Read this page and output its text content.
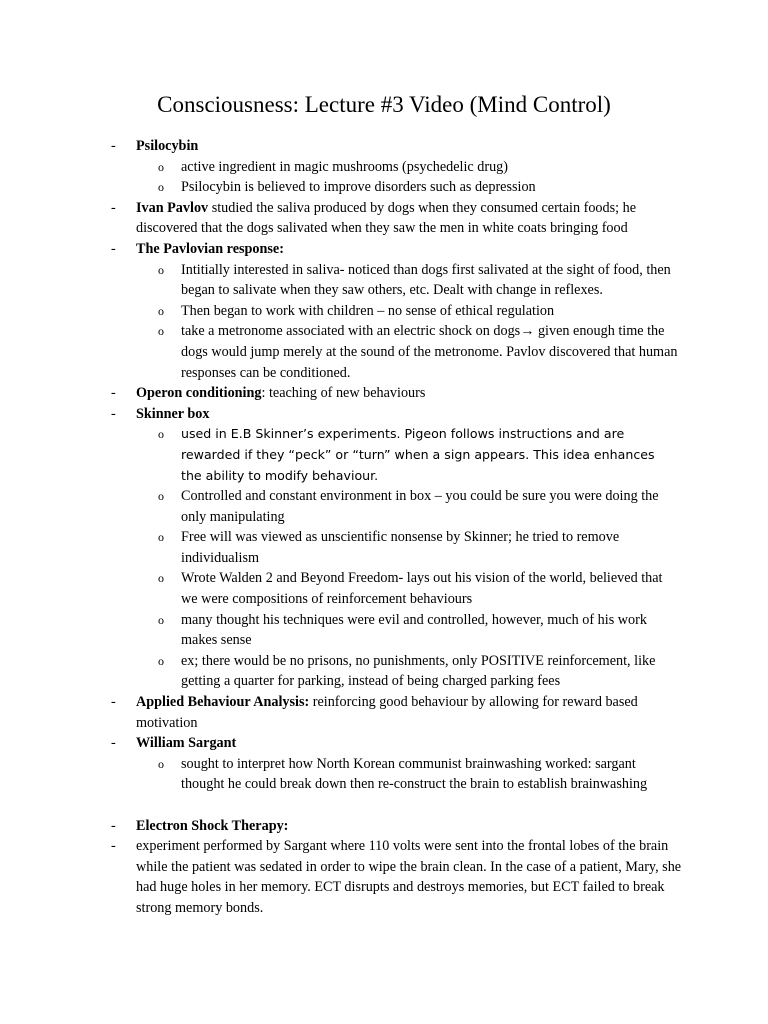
Consciousness: Lecture #3 Video (Mind Control)
- Psilocybin
o active ingredient in magic mushrooms (psychedelic drug)
o Psilocybin is believed to improve disorders such as depression
- Ivan Pavlov studied the saliva produced by dogs when they consumed certain foods; he discovered that the dogs salivated when they saw the men in white coats bringing food
- The Pavlovian response:
o Intitially interested in saliva- noticed than dogs first salivated at the sight of food, then began to salivate when they saw others, etc. Dealt with change in reflexes.
o Then began to work with children – no sense of ethical regulation
o take a metronome associated with an electric shock on dogs→ given enough time the dogs would jump merely at the sound of the metronome. Pavlov discovered that human responses can be conditioned.
- Operon conditioning: teaching of new behaviours
- Skinner box
o used in E.B Skinner’s experiments. Pigeon follows instructions and are rewarded if they “peck” or “turn” when a sign appears. This idea enhances the ability to modify behaviour.
o Controlled and constant environment in box – you could be sure you were doing the only manipulating
o Free will was viewed as unscientific nonsense by Skinner; he tried to remove individualism
o Wrote Walden 2 and Beyond Freedom- lays out his vision of the world, believed that we were compositions of reinforcement behaviours
o many thought his techniques were evil and controlled, however, much of his work makes sense
o ex; there would be no prisons, no punishments, only POSITIVE reinforcement, like getting a quarter for parking, instead of being charged parking fees
- Applied Behaviour Analysis: reinforcing good behaviour by allowing for reward based motivation
- William Sargant
o sought to interpret how North Korean communist brainwashing worked: sargant thought he could break down then re-construct the brain to establish brainwashing
- Electron Shock Therapy:
- experiment performed by Sargant where 110 volts were sent into the frontal lobes of the brain while the patient was sedated in order to wipe the brain clean. In the case of a patient, Mary, she had huge holes in her memory. ECT disrupts and destroys memories, but ECT failed to break strong memory bonds.
